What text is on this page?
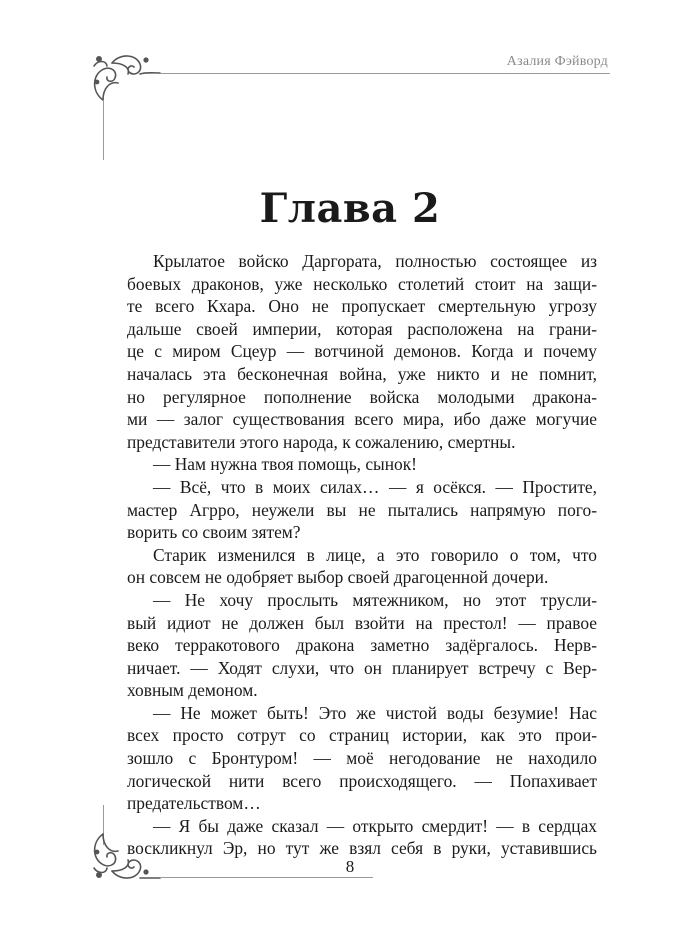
Азалия Фэйворд
Глава 2
Крылатое войско Даргората, полностью состоящее из
боевых драконов, уже несколько столетий стоит на защи-
те всего Кхара. Оно не пропускает смертельную угрозу
дальше своей империи, которая расположена на грани-
це с миром Сцеур — вотчиной демонов. Когда и почему
началась эта бесконечная война, уже никто и не помнит,
но регулярное пополнение войска молодыми дракона-
ми — залог существования всего мира, ибо даже могучие
представители этого народа, к сожалению, смертны.
— Нам нужна твоя помощь, сынок!
— Всё, что в моих силах… — я осёкся. — Простите,
мастер Агрро, неужели вы не пытались напрямую пого-
ворить со своим зятем?
Старик изменился в лице, а это говорило о том, что
он совсем не одобряет выбор своей драгоценной дочери.
— Не хочу прослыть мятежником, но этот трусли-
вый идиот не должен был взойти на престол! — правое
веко терракотового дракона заметно задёргалось. Нерв-
ничает. — Ходят слухи, что он планирует встречу с Вер-
ховным демоном.
— Не может быть! Это же чистой воды безумие! Нас
всех просто сотрут со страниц истории, как это прои-
зошло с Бронтуром! — моё негодование не находило
логической нити всего происходящего. — Попахивает
предательством…
— Я бы даже сказал — открыто смердит! — в сердцах
воскликнул Эр, но тут же взял себя в руки, уставившись
8
